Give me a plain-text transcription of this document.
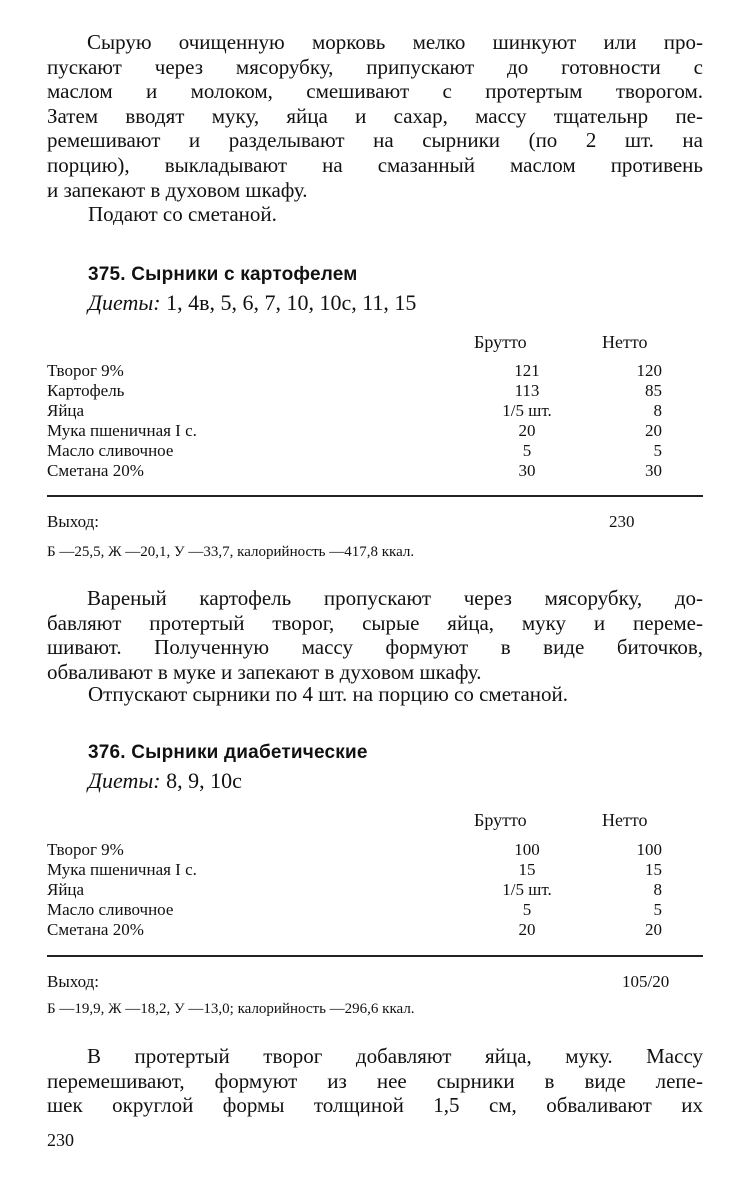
Сырую очищенную морковь мелко шинкуют или про-
пускают через мясорубку, припускают до готовности с
маслом и молоком, смешивают с протертым творогом.
Затем вводят муку, яйца и сахар, массу тщательнр пе-
ремешивают и разделывают на сырники (по 2 шт. на
порцию), выкладывают на смазанный маслом противень
и запекают в духовом шкафу.
Подают со сметаной.
375. Сырники с картофелем
Диеты: 1, 4в, 5, 6, 7, 10, 10с, 11, 15
Брутто	Нетто
Творог 9%	121	120
Картофель	113	85
Яйца	1/5 шт.	8
Мука пшеничная I с.	20	20
Масло сливочное	5	5
Сметана 20%	30	30
Выход:	230
Б —25,5, Ж —20,1, У —33,7, калорийность —417,8 ккал.
Вареный картофель пропускают через мясорубку, до-
бавляют протертый творог, сырые яйца, муку и переме-
шивают. Полученную массу формуют в виде биточков,
обваливают в муке и запекают в духовом шкафу.
Отпускают сырники по 4 шт. на порцию со сметаной.
376. Сырники диабетические
Диеты: 8, 9, 10с
Брутто	Нетто
Творог 9%	100	100
Мука пшеничная I с.	15	15
Яйца	1/5 шт.	8
Масло сливочное	5	5
Сметана 20%	20	20
Выход:	105/20
Б —19,9, Ж —18,2, У —13,0; калорийность —296,6 ккал.
В протертый творог добавляют яйца, муку. Массу
перемешивают, формуют из нее сырники в виде лепе-
шек округлой формы толщиной 1,5 см, обваливают их
230
